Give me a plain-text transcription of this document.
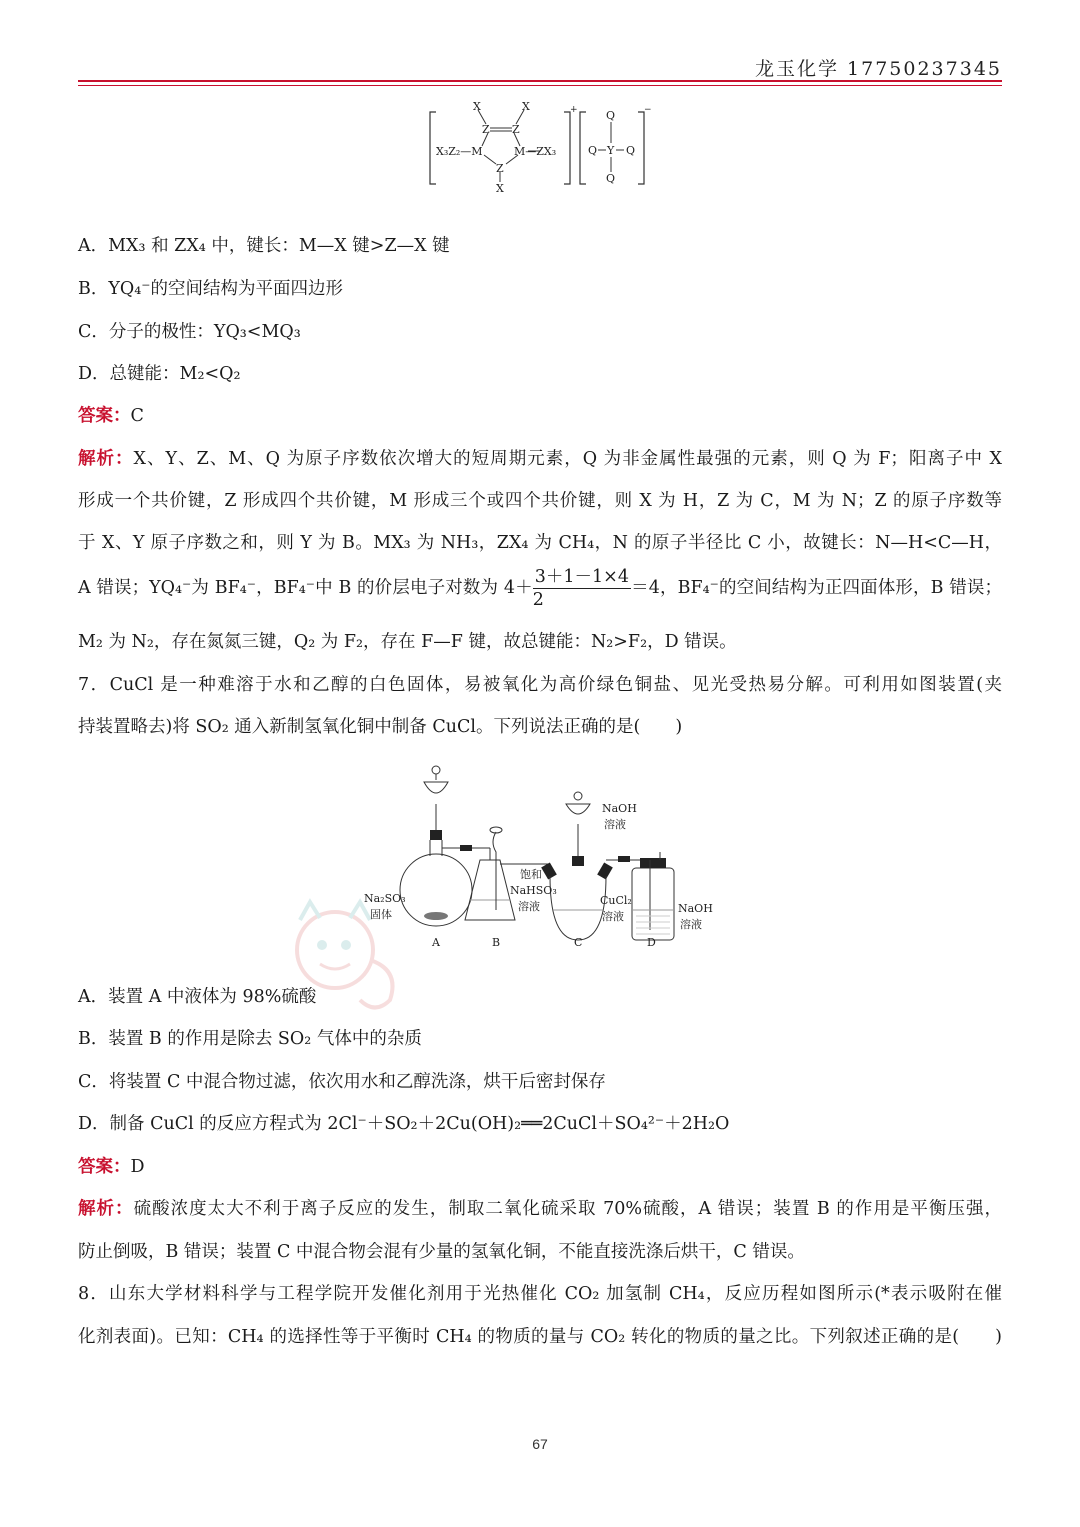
龙玉化学 17750237345
X	X
Z Z
X₃Z₂—M	M—ZX₃
Z
X
Q
Q Y Q
Q
+	−
A．MX₃ 和 ZX₄ 中，键长：M—X 键>Z—X 键
B．YQ₄⁻的空间结构为平面四边形
C．分子的极性：YQ₃<MQ₃
D．总键能：M₂<Q₂
答案：C
解析：X、Y、Z、M、Q 为原子序数依次增大的短周期元素，Q 为非金属性最强的元素，则 Q 为 F；阳离子中 X
形成一个共价键，Z 形成四个共价键，M 形成三个或四个共价键，则 X 为 H，Z 为 C，M 为 N；Z 的原子序数等
于 X、Y 原子序数之和，则 Y 为 B。MX₃ 为 NH₃，ZX₄ 为 CH₄，N 的原子半径比 C 小，故键长：N—H<C—H，
A 错误；YQ₄⁻为 BF₄⁻，BF₄⁻中 B 的价层电子对数为 $4+ \frac{3+1-1\times 4}{2} =4$，BF₄⁻的空间结构为正四面体形，B 错误；
M₂ 为 N₂，存在氮氮三键，Q₂ 为 F₂，存在 F—F 键，故总键能：N₂>F₂，D 错误。
7．CuCl 是一种难溶于水和乙醇的白色固体，易被氧化为高价绿色铜盐、见光受热易分解。可利用如图装置(夹
持装置略去)将 SO₂ 通入新制氢氧化铜中制备 CuCl。下列说法正确的是(　　)
Na₂SO₃
固体
饱和
NaHSO₃
溶液
NaOH
溶液
CuCl₂
溶液
NaOH
溶液
A	B	C	D
A．装置 A 中液体为 98%硫酸
B．装置 B 的作用是除去 SO₂ 气体中的杂质
C．将装置 C 中混合物过滤，依次用水和乙醇洗涤，烘干后密封保存
D．制备 CuCl 的反应方程式为 2Cl⁻＋SO₂＋2Cu(OH)₂══2CuCl＋SO₄²⁻＋2H₂O
答案：D
解析：硫酸浓度太大不利于离子反应的发生，制取二氧化硫采取 70%硫酸，A 错误；装置 B 的作用是平衡压强，
防止倒吸，B 错误；装置 C 中混合物会混有少量的氢氧化铜，不能直接洗涤后烘干，C 错误。
8．山东大学材料科学与工程学院开发催化剂用于光热催化 CO₂ 加氢制 CH₄，反应历程如图所示(*表示吸附在催
化剂表面)。已知：CH₄ 的选择性等于平衡时 CH₄ 的物质的量与 CO₂ 转化的物质的量之比。下列叙述正确的是(　　)
67
